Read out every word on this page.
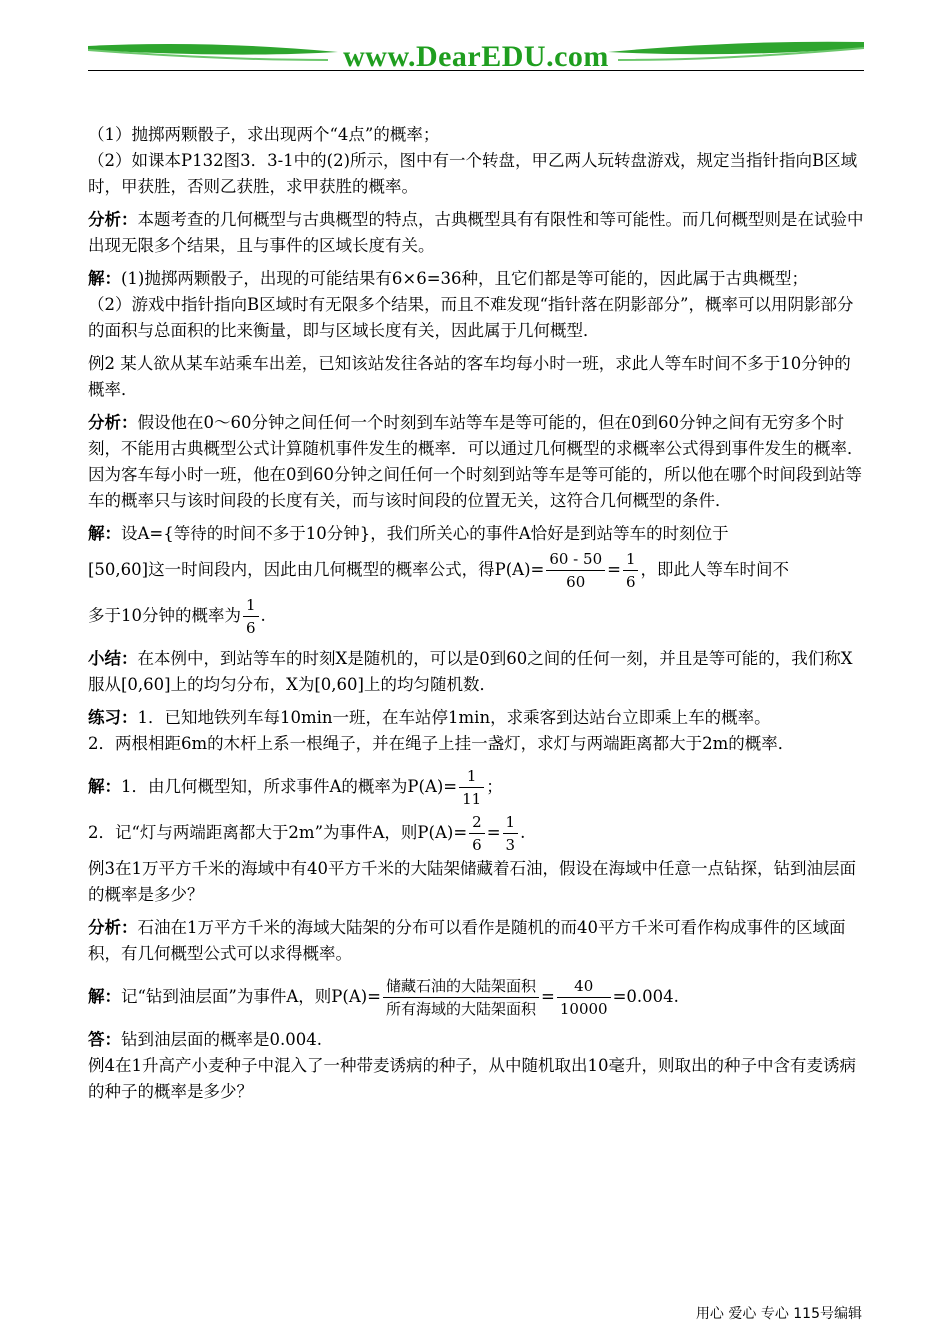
www.DearEDU.com

（1）抛掷两颗骰子，求出现两个“4点”的概率；

（2）如课本P132图3．3-1中的(2)所示，图中有一个转盘，甲乙两人玩转盘游戏，规定当指针指向B区域时，甲获胜，否则乙获胜，求甲获胜的概率。

分析：本题考查的几何概型与古典概型的特点，古典概型具有有限性和等可能性。而几何概型则是在试验中出现无限多个结果，且与事件的区域长度有关。

解：(1)抛掷两颗骰子，出现的可能结果有6×6=36种，且它们都是等可能的，因此属于古典概型；

（2）游戏中指针指向B区域时有无限多个结果，而且不难发现“指针落在阴影部分”，概率可以用阴影部分的面积与总面积的比来衡量，即与区域长度有关，因此属于几何概型．

例2 某人欲从某车站乘车出差，已知该站发往各站的客车均每小时一班，求此人等车时间不多于10分钟的概率．

分析：假设他在0～60分钟之间任何一个时刻到车站等车是等可能的，但在0到60分钟之间有无穷多个时刻，不能用古典概型公式计算随机事件发生的概率．可以通过几何概型的求概率公式得到事件发生的概率．因为客车每小时一班，他在0到60分钟之间任何一个时刻到站等车是等可能的，所以他在哪个时间段到站等车的概率只与该时间段的长度有关，而与该时间段的位置无关，这符合几何概型的条件．

解：设A={等待的时间不多于10分钟}，我们所关心的事件A恰好是到站等车的时刻位于

[50,60]这一时间段内，因此由几何概型的概率公式，得$P(A)= \frac{60 - 50}{60} = \frac{1}{6}$ ，即此人等车时间不

多于10分钟的概率为 $\frac{1}{6}$ .

小结：在本例中，到站等车的时刻X是随机的，可以是0到60之间的任何一刻，并且是等可能的，我们称X服从[0,60]上的均匀分布，X为[0,60]上的均匀随机数．

练习：1．已知地铁列车每10min一班，在车站停1min，求乘客到达站台立即乘上车的概率。

2．两根相距6m的木杆上系一根绳子，并在绳子上挂一盏灯，求灯与两端距离都大于2m的概率．

解：1．由几何概型知，所求事件A的概率为$P(A)= \frac{1}{11}$ ；

2．记“灯与两端距离都大于2m”为事件A，则$P(A)= \frac{2}{6} = \frac{1}{3}$ .

例3在1万平方千米的海域中有40平方千米的大陆架储藏着石油，假设在海域中任意一点钻探，钻到油层面的概率是多少？

分析：石油在1万平方千米的海域大陆架的分布可以看作是随机的而40平方千米可看作构成事件的区域面积，有几何概型公式可以求得概率。

解：记“钻到油层面”为事件A，则$P(A)= \frac{\text{储藏石油的大陆架面积}}{\text{所有海域的大陆架面积}} = \frac{40}{10000} =0.004$.

答：钻到油层面的概率是0.004.

例4在1升高产小麦种子中混入了一种带麦诱病的种子，从中随机取出10毫升，则取出的种子中含有麦诱病的种子的概率是多少？

用心 爱心 专心 115号编辑
